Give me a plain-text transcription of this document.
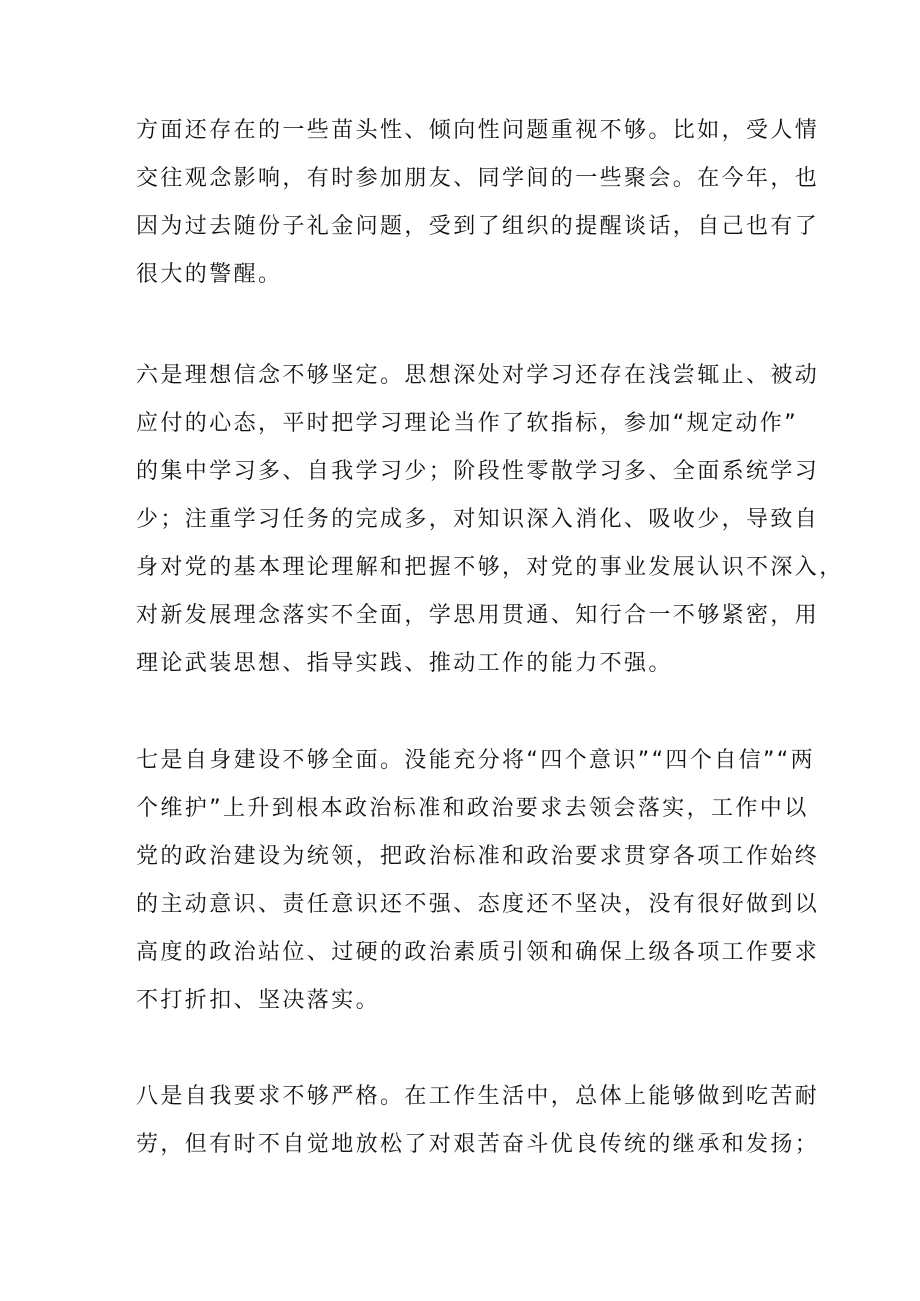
方面还存在的一些苗头性、倾向性问题重视不够。比如，受人情
交往观念影响，有时参加朋友、同学间的一些聚会。在今年，也
因为过去随份子礼金问题，受到了组织的提醒谈话，自己也有了
很大的警醒。

六是理想信念不够坚定。思想深处对学习还存在浅尝辄止、被动
应付的心态，平时把学习理论当作了软指标，参加“规定动作”
的集中学习多、自我学习少；阶段性零散学习多、全面系统学习
少；注重学习任务的完成多，对知识深入消化、吸收少，导致自
身对党的基本理论理解和把握不够，对党的事业发展认识不深入，
对新发展理念落实不全面，学思用贯通、知行合一不够紧密，用
理论武装思想、指导实践、推动工作的能力不强。

七是自身建设不够全面。没能充分将“四个意识”“四个自信”“两
个维护”上升到根本政治标准和政治要求去领会落实，工作中以
党的政治建设为统领，把政治标准和政治要求贯穿各项工作始终
的主动意识、责任意识还不强、态度还不坚决，没有很好做到以
高度的政治站位、过硬的政治素质引领和确保上级各项工作要求
不打折扣、坚决落实。

八是自我要求不够严格。在工作生活中，总体上能够做到吃苦耐
劳，但有时不自觉地放松了对艰苦奋斗优良传统的继承和发扬；
